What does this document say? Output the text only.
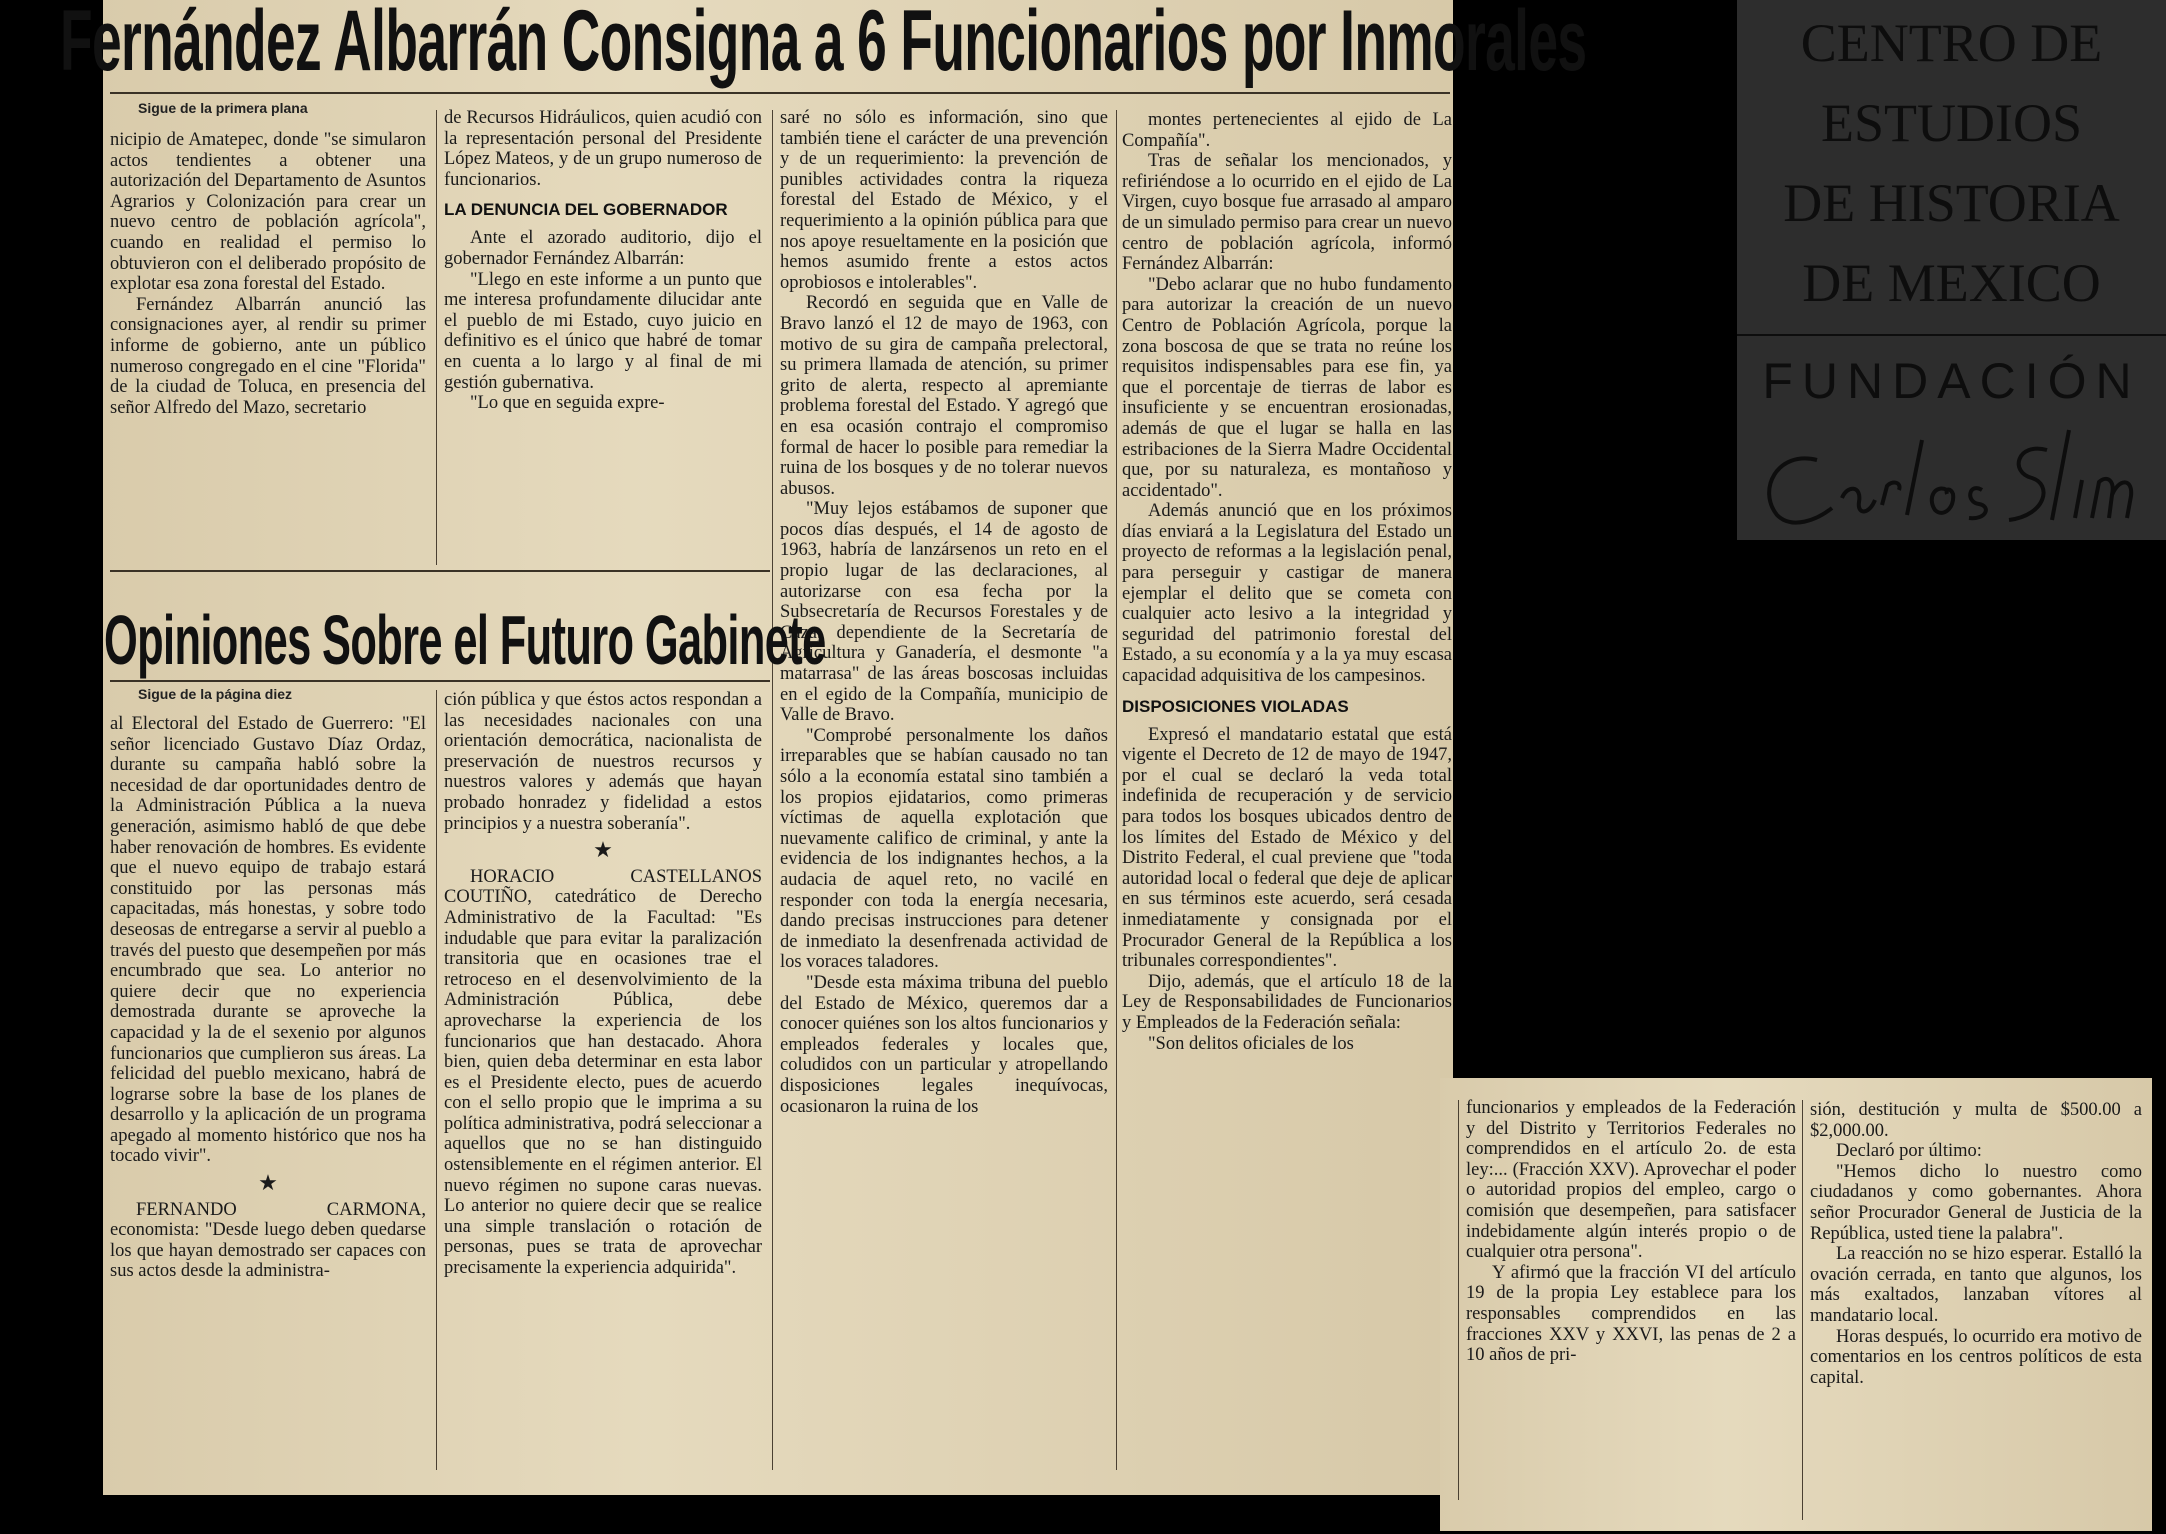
Fernández Albarrán Consigna a 6 Funcionarios por Inmorales
Sigue de la primera plana

nicipio de Amatepec, donde "se simularon actos tendientes a obtener una autorización del Departamento de Asuntos Agrarios y Colonización para crear un nuevo centro de población agrícola", cuando en realidad el permiso lo obtuvieron con el deliberado propósito de explotar esa zona forestal del Estado.

Fernández Albarrán anunció las consignaciones ayer, al rendir su primer informe de gobierno, ante un público numeroso congregado en el cine "Florida" de la ciudad de Toluca, en presencia del señor Alfredo del Mazo, secretario

de Recursos Hidráulicos, quien acudió con la representación personal del Presidente López Mateos, y de un grupo numeroso de funcionarios.

LA DENUNCIA DEL GOBERNADOR

Ante el azorado auditorio, dijo el gobernador Fernández Albarrán:

"Llego en este informe a un punto que me interesa profundamente dilucidar ante el pueblo de mi Estado, cuyo juicio en definitivo es el único que habré de tomar en cuenta a lo largo y al final de mi gestión gubernativa.

"Lo que en seguida expre-

saré no sólo es información, sino que también tiene el carácter de una prevención y de un requerimiento: la prevención de punibles actividades contra la riqueza forestal del Estado de México, y el requerimiento a la opinión pública para que nos apoye resueltamente en la posición que hemos asumido frente a estos actos oprobiosos e intolerables".

Recordó en seguida que en Valle de Bravo lanzó el 12 de mayo de 1963, con motivo de su gira de campaña prelectoral, su primera llamada de atención, su primer grito de alerta, respecto al apremiante problema forestal del Estado. Y agregó que en esa ocasión contrajo el compromiso formal de hacer lo posible para remediar la ruina de los bosques y de no tolerar nuevos abusos.

"Muy lejos estábamos de suponer que pocos días después, el 14 de agosto de 1963, habría de lanzársenos un reto en el propio lugar de las declaraciones, al autorizarse con esa fecha por la Subsecretaría de Recursos Forestales y de Caza, dependiente de la Secretaría de Agricultura y Ganadería, el desmonte "a matarrasa" de las áreas boscosas incluidas en el egido de la Compañía, municipio de Valle de Bravo.

"Comprobé personalmente los daños irreparables que se habían causado no tan sólo a la economía estatal sino también a los propios ejidatarios, como primeras víctimas de aquella explotación que nuevamente califico de criminal, y ante la evidencia de los indignantes hechos, a la audacia de aquel reto, no vacilé en responder con toda la energía necesaria, dando precisas instrucciones para detener de inmediato la desenfrenada actividad de los voraces taladores.

"Desde esta máxima tribuna del pueblo del Estado de México, queremos dar a conocer quiénes son los altos funcionarios y empleados federales y locales que, coludidos con un particular y atropellando disposiciones legales inequívocas, ocasionaron la ruina de los

montes pertenecientes al ejido de La Compañía".

Tras de señalar los mencionados, y refiriéndose a lo ocurrido en el ejido de La Virgen, cuyo bosque fue arrasado al amparo de un simulado permiso para crear un nuevo centro de población agrícola, informó Fernández Albarrán:

"Debo aclarar que no hubo fundamento para autorizar la creación de un nuevo Centro de Población Agrícola, porque la zona boscosa de que se trata no reúne los requisitos indispensables para ese fin, ya que el porcentaje de tierras de labor es insuficiente y se encuentran erosionadas, además de que el lugar se halla en las estribaciones de la Sierra Madre Occidental que, por su naturaleza, es montañoso y accidentado".

Además anunció que en los próximos días enviará a la Legislatura del Estado un proyecto de reformas a la legislación penal, para perseguir y castigar de manera ejemplar el delito que se cometa con cualquier acto lesivo a la integridad y seguridad del patrimonio forestal del Estado, a su economía y a la ya muy escasa capacidad adquisitiva de los campesinos.

DISPOSICIONES VIOLADAS

Expresó el mandatario estatal que está vigente el Decreto de 12 de mayo de 1947, por el cual se declaró la veda total indefinida de recuperación y de servicio para todos los bosques ubicados dentro de los límites del Estado de México y del Distrito Federal, el cual previene que "toda autoridad local o federal que deje de aplicar en sus términos este acuerdo, será cesada inmediatamente y consignada por el Procurador General de la República a los tribunales correspondientes".

Dijo, además, que el artículo 18 de la Ley de Responsabilidades de Funcionarios y Empleados de la Federación señala:

"Son delitos oficiales de los

funcionarios y empleados de la Federación y del Distrito y Territorios Federales no comprendidos en el artículo 2o. de esta ley:... (Fracción XXV). Aprovechar el poder o autoridad propios del empleo, cargo o comisión que desempeñen, para satisfacer indebidamente algún interés propio o de cualquier otra persona".

Y afirmó que la fracción VI del artículo 19 de la propia Ley establece para los responsables comprendidos en las fracciones XXV y XXVI, las penas de 2 a 10 años de pri-

sión, destitución y multa de $500.00 a $2,000.00.

Declaró por último:

"Hemos dicho lo nuestro como ciudadanos y como gobernantes. Ahora señor Procurador General de Justicia de la República, usted tiene la palabra".

La reacción no se hizo esperar. Estalló la ovación cerrada, en tanto que algunos, los más exaltados, lanzaban vítores al mandatario local.

Horas después, lo ocurrido era motivo de comentarios en los centros políticos de esta capital.

Opiniones Sobre el Futuro Gabinete
Sigue de la página diez

al Electoral del Estado de Guerrero: "El señor licenciado Gustavo Díaz Ordaz, durante su campaña habló sobre la necesidad de dar oportunidades dentro de la Administración Pública a la nueva generación, asimismo habló de que debe haber renovación de hombres. Es evidente que el nuevo equipo de trabajo estará constituido por las personas más capacitadas, más honestas, y sobre todo deseosas de entregarse a servir al pueblo a través del puesto que desempeñen por más encumbrado que sea. Lo anterior no quiere decir que no experiencia demostrada durante se aproveche la capacidad y la de el sexenio por algunos funcionarios que cumplieron sus áreas. La felicidad del pueblo mexicano, habrá de lograrse sobre la base de los planes de desarrollo y la aplicación de un programa apegado al momento histórico que nos ha tocado vivir".

★

FERNANDO CARMONA, economista: "Desde luego deben quedarse los que hayan demostrado ser capaces con sus actos desde la administra-

ción pública y que éstos actos respondan a las necesidades nacionales con una orientación democrática, nacionalista de preservación de nuestros recursos y nuestros valores y además que hayan probado honradez y fidelidad a estos principios y a nuestra soberanía".

★

HORACIO CASTELLANOS COUTIÑO, catedrático de Derecho Administrativo de la Facultad: "Es indudable que para evitar la paralización transitoria que en ocasiones trae el retroceso en el desenvolvimiento de la Administración Pública, debe aprovecharse la experiencia de los funcionarios que han destacado. Ahora bien, quien deba determinar en esta labor es el Presidente electo, pues de acuerdo con el sello propio que le imprima a su política administrativa, podrá seleccionar a aquellos que no se han distinguido ostensiblemente en el régimen anterior. El nuevo régimen no supone caras nuevas. Lo anterior no quiere decir que se realice una simple translación o rotación de personas, pues se trata de aprovechar precisamente la experiencia adquirida".

CENTRO DE
ESTUDIOS
DE HISTORIA
DE MEXICO
FUNDACIÓN
